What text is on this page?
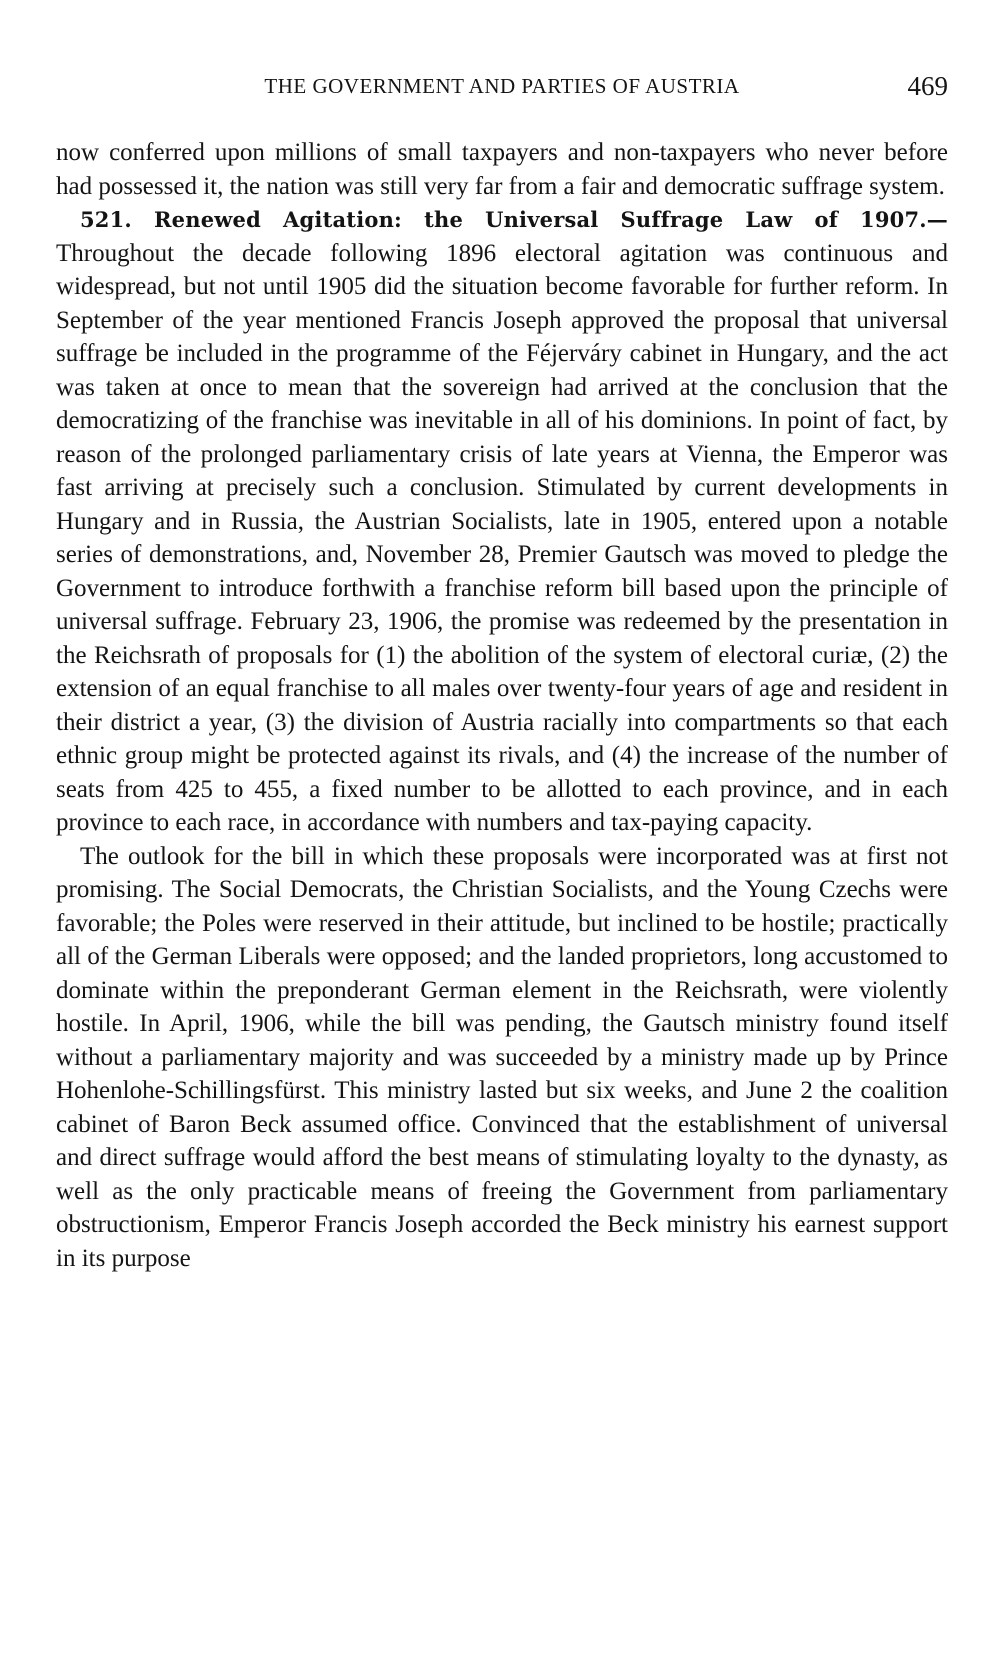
THE GOVERNMENT AND PARTIES OF AUSTRIA	469

now conferred upon millions of small taxpayers and non-taxpayers who never before had possessed it, the nation was still very far from a fair and democratic suffrage system.

521. Renewed Agitation: the Universal Suffrage Law of 1907.— Throughout the decade following 1896 electoral agitation was continuous and widespread, but not until 1905 did the situation become favorable for further reform. In September of the year mentioned Francis Joseph approved the proposal that universal suffrage be included in the programme of the Féjerváry cabinet in Hungary, and the act was taken at once to mean that the sovereign had arrived at the conclusion that the democratizing of the franchise was inevitable in all of his dominions. In point of fact, by reason of the prolonged parliamentary crisis of late years at Vienna, the Emperor was fast arriving at precisely such a conclusion. Stimulated by current developments in Hungary and in Russia, the Austrian Socialists, late in 1905, entered upon a notable series of demonstrations, and, November 28, Premier Gautsch was moved to pledge the Government to introduce forthwith a franchise reform bill based upon the principle of universal suffrage. February 23, 1906, the promise was redeemed by the presentation in the Reichsrath of proposals for (1) the abolition of the system of electoral curiæ, (2) the extension of an equal franchise to all males over twenty-four years of age and resident in their district a year, (3) the division of Austria racially into compartments so that each ethnic group might be protected against its rivals, and (4) the increase of the number of seats from 425 to 455, a fixed number to be allotted to each province, and in each province to each race, in accordance with numbers and tax-paying capacity.

The outlook for the bill in which these proposals were incorporated was at first not promising. The Social Democrats, the Christian Socialists, and the Young Czechs were favorable; the Poles were reserved in their attitude, but inclined to be hostile; practically all of the German Liberals were opposed; and the landed proprietors, long accustomed to dominate within the preponderant German element in the Reichsrath, were violently hostile. In April, 1906, while the bill was pending, the Gautsch ministry found itself without a parliamentary majority and was succeeded by a ministry made up by Prince Hohenlohe-Schillingsfürst. This ministry lasted but six weeks, and June 2 the coalition cabinet of Baron Beck assumed office. Convinced that the establishment of universal and direct suffrage would afford the best means of stimulating loyalty to the dynasty, as well as the only practicable means of freeing the Government from parliamentary obstructionism, Emperor Francis Joseph accorded the Beck ministry his earnest support in its purpose
